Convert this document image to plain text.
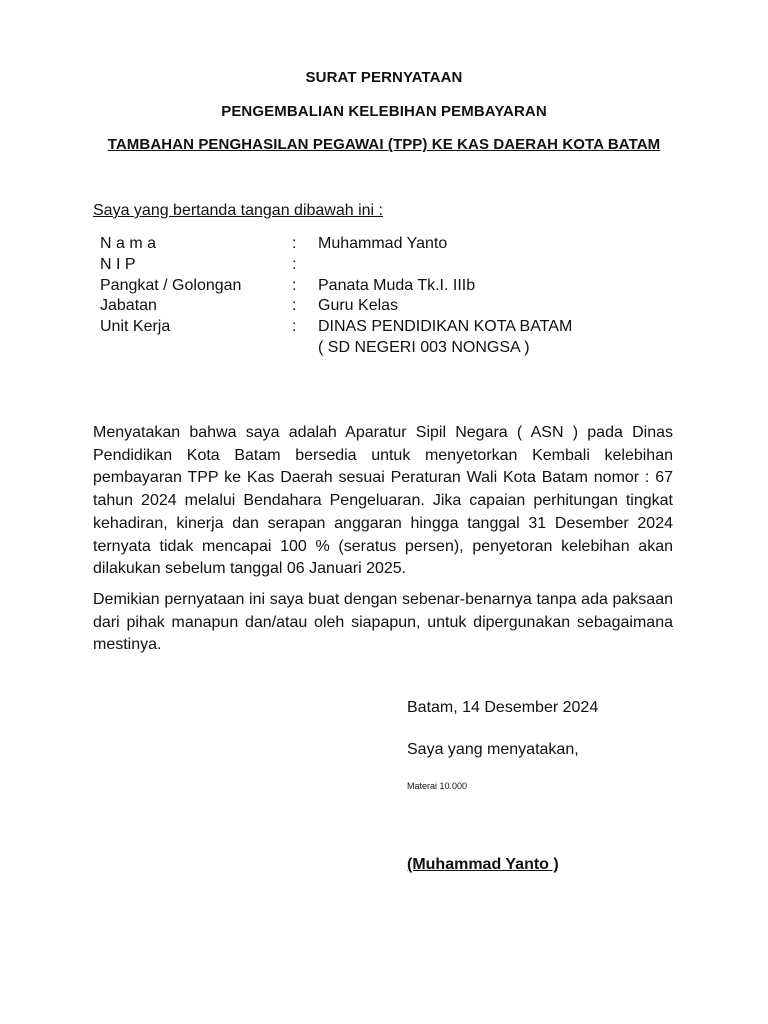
SURAT PERNYATAAN
PENGEMBALIAN KELEBIHAN PEMBAYARAN
TAMBAHAN PENGHASILAN PEGAWAI (TPP) KE KAS DAERAH KOTA BATAM
Saya yang bertanda tangan dibawah ini :
N a m a	: Muhammad Yanto
N I P	:
Pangkat / Golongan	: Panata Muda Tk.I. IIIb
Jabatan	: Guru Kelas
Unit Kerja	: DINAS PENDIDIKAN KOTA BATAM
( SD NEGERI 003 NONGSA )

Menyatakan bahwa saya adalah Aparatur Sipil Negara ( ASN ) pada Dinas Pendidikan Kota Batam bersedia untuk menyetorkan Kembali kelebihan pembayaran TPP ke Kas Daerah sesuai Peraturan Wali Kota Batam nomor : 67 tahun 2024 melalui Bendahara Pengeluaran. Jika capaian perhitungan tingkat kehadiran, kinerja dan serapan anggaran hingga tanggal 31 Desember 2024 ternyata tidak mencapai 100 % (seratus persen), penyetoran kelebihan akan dilakukan sebelum tanggal 06 Januari 2025.

Demikian pernyataan ini saya buat dengan sebenar-benarnya tanpa ada paksaan dari pihak manapun dan/atau oleh siapapun, untuk dipergunakan sebagaimana mestinya.

Batam, 14 Desember 2024
Saya yang menyatakan,
Materai 10.000
(Muhammad Yanto )
